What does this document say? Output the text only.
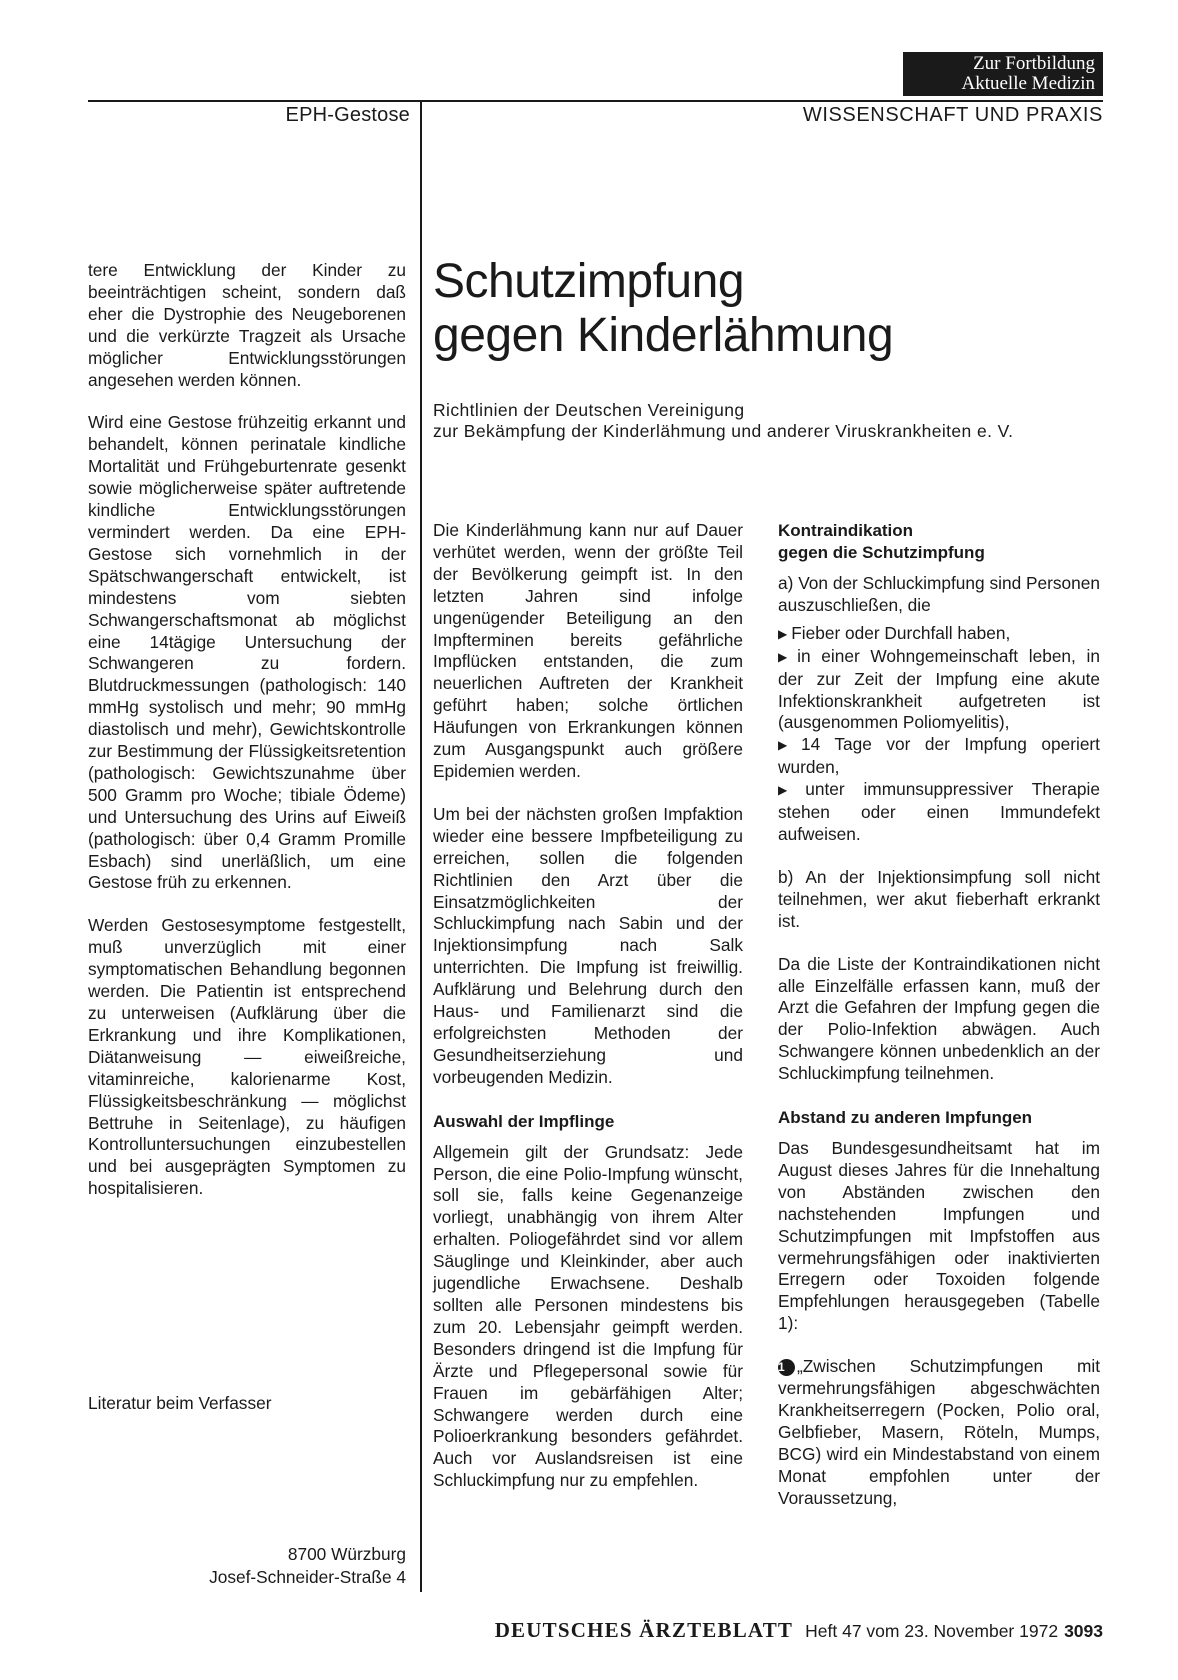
Zur Fortbildung
Aktuelle Medizin
EPH-Gestose	WISSENSCHAFT UND PRAXIS
Schutzimpfung
gegen Kinderlähmung
Richtlinien der Deutschen Vereinigung
zur Bekämpfung der Kinderlähmung und anderer Viruskrankheiten e. V.

tere Entwicklung der Kinder zu beeinträchtigen scheint, sondern daß eher die Dystrophie des Neugeborenen und die verkürzte Tragzeit als Ursache möglicher Entwicklungsstörungen angesehen werden können.

Wird eine Gestose frühzeitig erkannt und behandelt, können perinatale kindliche Mortalität und Frühgeburtenrate gesenkt sowie möglicherweise später auftretende kindliche Entwicklungsstörungen vermindert werden. Da eine EPH-Gestose sich vornehmlich in der Spätschwangerschaft entwickelt, ist mindestens vom siebten Schwangerschaftsmonat ab möglichst eine 14tägige Untersuchung der Schwangeren zu fordern. Blutdruckmessungen (pathologisch: 140 mmHg systolisch und mehr; 90 mmHg diastolisch und mehr), Gewichtskontrolle zur Bestimmung der Flüssigkeitsretention (pathologisch: Gewichtszunahme über 500 Gramm pro Woche; tibiale Ödeme) und Untersuchung des Urins auf Eiweiß (pathologisch: über 0,4 Gramm Promille Esbach) sind unerläßlich, um eine Gestose früh zu erkennen.

Werden Gestosesymptome festgestellt, muß unverzüglich mit einer symptomatischen Behandlung begonnen werden. Die Patientin ist entsprechend zu unterweisen (Aufklärung über die Erkrankung und ihre Komplikationen, Diätanweisung — eiweißreiche, vitaminreiche, kalorienarme Kost, Flüssigkeitsbeschränkung — möglichst Bettruhe in Seitenlage), zu häufigen Kontrolluntersuchungen einzubestellen und bei ausgeprägten Symptomen zu hospitalisieren.

Literatur beim Verfasser
8700 Würzburg
Josef-Schneider-Straße 4

Die Kinderlähmung kann nur auf Dauer verhütet werden, wenn der größte Teil der Bevölkerung geimpft ist. In den letzten Jahren sind infolge ungenügender Beteiligung an den Impfterminen bereits gefährliche Impflücken entstanden, die zum neuerlichen Auftreten der Krankheit geführt haben; solche örtlichen Häufungen von Erkrankungen können zum Ausgangspunkt auch größere Epidemien werden.

Um bei der nächsten großen Impfaktion wieder eine bessere Impfbeteiligung zu erreichen, sollen die folgenden Richtlinien den Arzt über die Einsatzmöglichkeiten der Schluckimpfung nach Sabin und der Injektionsimpfung nach Salk unterrichten. Die Impfung ist freiwillig. Aufklärung und Belehrung durch den Haus- und Familienarzt sind die erfolgreichsten Methoden der Gesundheitserziehung und vorbeugenden Medizin.

Auswahl der Impflinge

Allgemein gilt der Grundsatz: Jede Person, die eine Polio-Impfung wünscht, soll sie, falls keine Gegenanzeige vorliegt, unabhängig von ihrem Alter erhalten. Poliogefährdet sind vor allem Säuglinge und Kleinkinder, aber auch jugendliche Erwachsene. Deshalb sollten alle Personen mindestens bis zum 20. Lebensjahr geimpft werden. Besonders dringend ist die Impfung für Ärzte und Pflegepersonal sowie für Frauen im gebärfähigen Alter; Schwangere werden durch eine Polioerkrankung besonders gefährdet. Auch vor Auslandsreisen ist eine Schluckimpfung nur zu empfehlen.

Kontraindikation
gegen die Schutzimpfung

a) Von der Schluckimpfung sind Personen auszuschließen, die

▶ Fieber oder Durchfall haben,
▶ in einer Wohngemeinschaft leben, in der zur Zeit der Impfung eine akute Infektionskrankheit aufgetreten ist (ausgenommen Poliomyelitis),
▶ 14 Tage vor der Impfung operiert wurden,
▶ unter immunsuppressiver Therapie stehen oder einen Immundefekt aufweisen.

b) An der Injektionsimpfung soll nicht teilnehmen, wer akut fieberhaft erkrankt ist.

Da die Liste der Kontraindikationen nicht alle Einzelfälle erfassen kann, muß der Arzt die Gefahren der Impfung gegen die der Polio-Infektion abwägen. Auch Schwangere können unbedenklich an der Schluckimpfung teilnehmen.

Abstand zu anderen Impfungen

Das Bundesgesundheitsamt hat im August dieses Jahres für die Innehaltung von Abständen zwischen den nachstehenden Impfungen und Schutzimpfungen mit Impfstoffen aus vermehrungsfähigen oder inaktivierten Erregern oder Toxoiden folgende Empfehlungen herausgegeben (Tabelle 1):

1 „Zwischen Schutzimpfungen mit vermehrungsfähigen abgeschwächten Krankheitserregern (Pocken, Polio oral, Gelbfieber, Masern, Röteln, Mumps, BCG) wird ein Mindestabstand von einem Monat empfohlen unter der Voraussetzung,

DEUTSCHES ÄRZTEBLATT Heft 47 vom 23. November 1972 3093
